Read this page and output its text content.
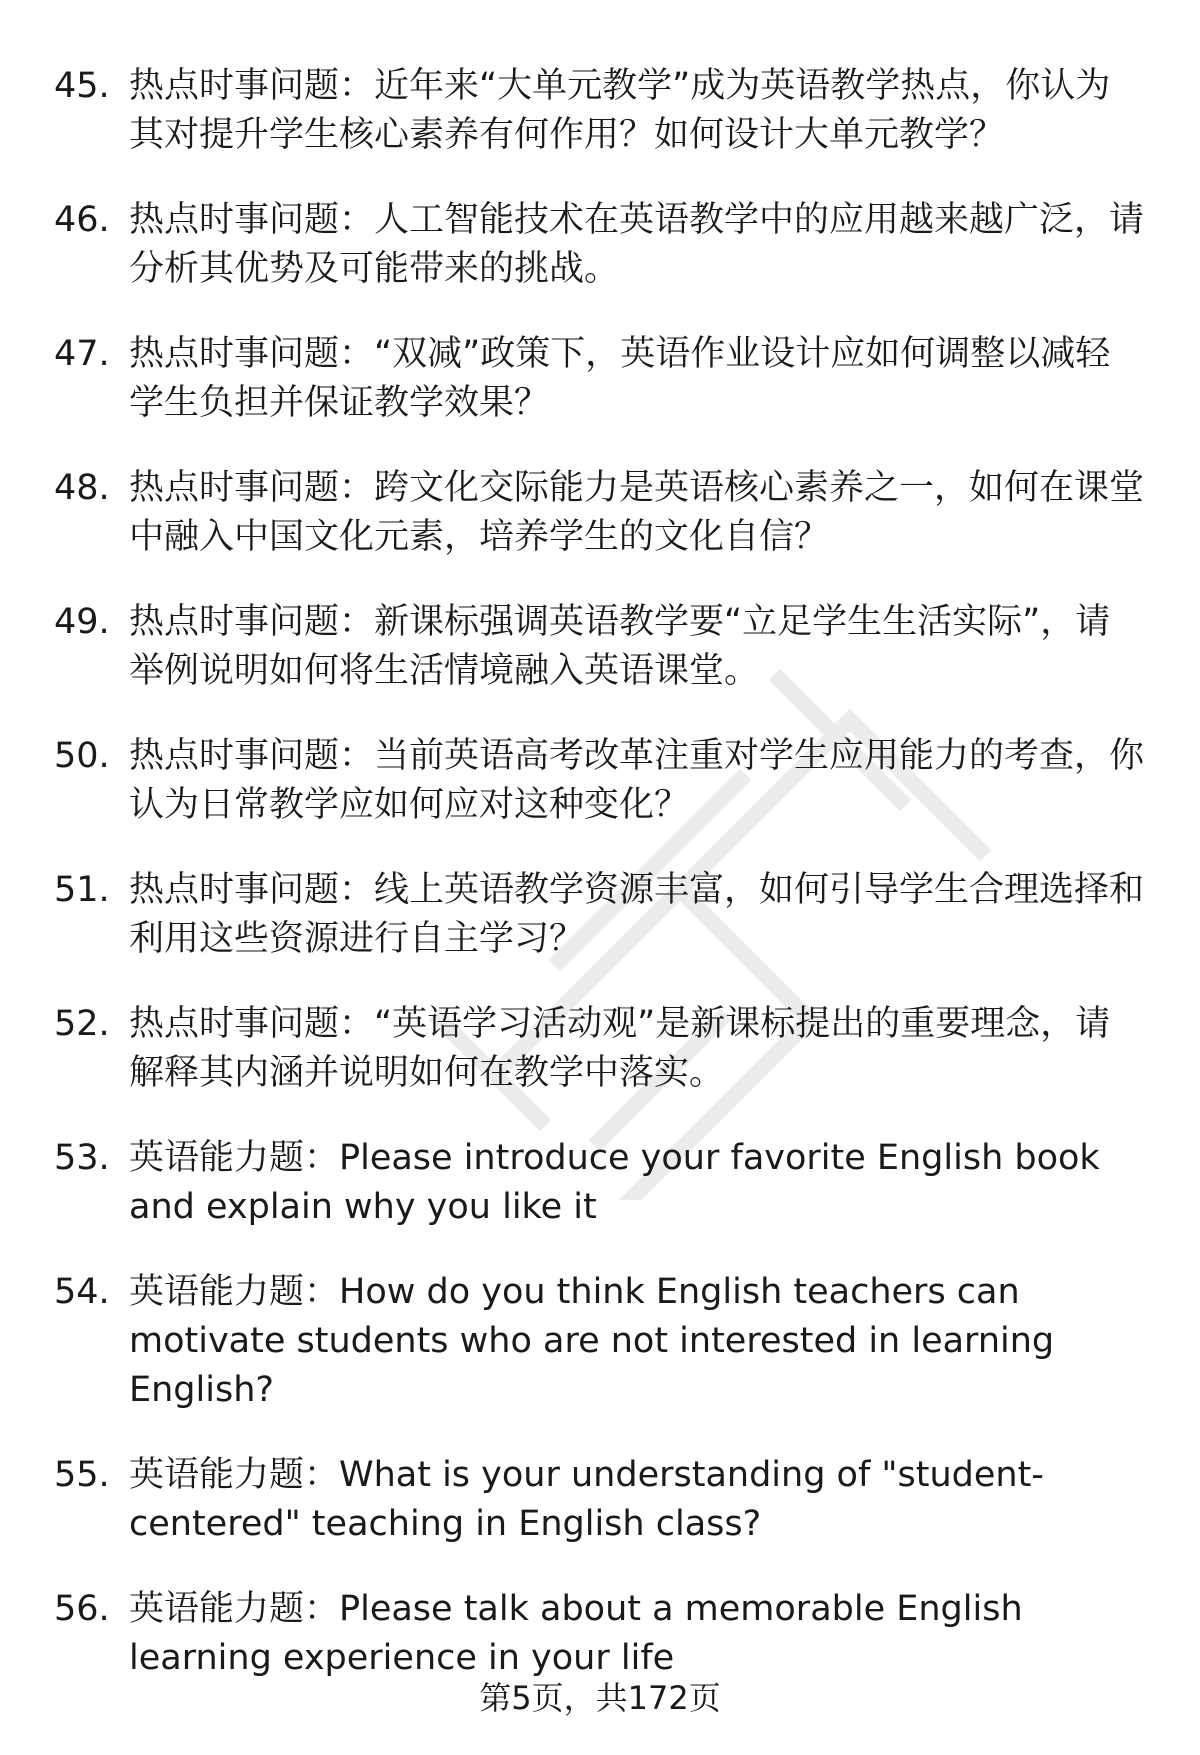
45. 热点时事问题：近年来“大单元教学”成为英语教学热点，你认为其对提升学生核心素养有何作用？如何设计大单元教学？
46. 热点时事问题：人工智能技术在英语教学中的应用越来越广泛，请分析其优势及可能带来的挑战。
47. 热点时事问题：“双减”政策下，英语作业设计应如何调整以减轻学生负担并保证教学效果？
48. 热点时事问题：跨文化交际能力是英语核心素养之一，如何在课堂中融入中国文化元素，培养学生的文化自信？
49. 热点时事问题：新课标强调英语教学要“立足学生生活实际”，请举例说明如何将生活情境融入英语课堂。
50. 热点时事问题：当前英语高考改革注重对学生应用能力的考查，你认为日常教学应如何应对这种变化？
51. 热点时事问题：线上英语教学资源丰富，如何引导学生合理选择和利用这些资源进行自主学习？
52. 热点时事问题：“英语学习活动观”是新课标提出的重要理念，请解释其内涵并说明如何在教学中落实。
53. 英语能力题：Please introduce your favorite English book and explain why you like it
54. 英语能力题：How do you think English teachers can motivate students who are not interested in learning English?
55. 英语能力题：What is your understanding of "student-centered" teaching in English class?
56. 英语能力题：Please talk about a memorable English learning experience in your life
第5页，共172页
